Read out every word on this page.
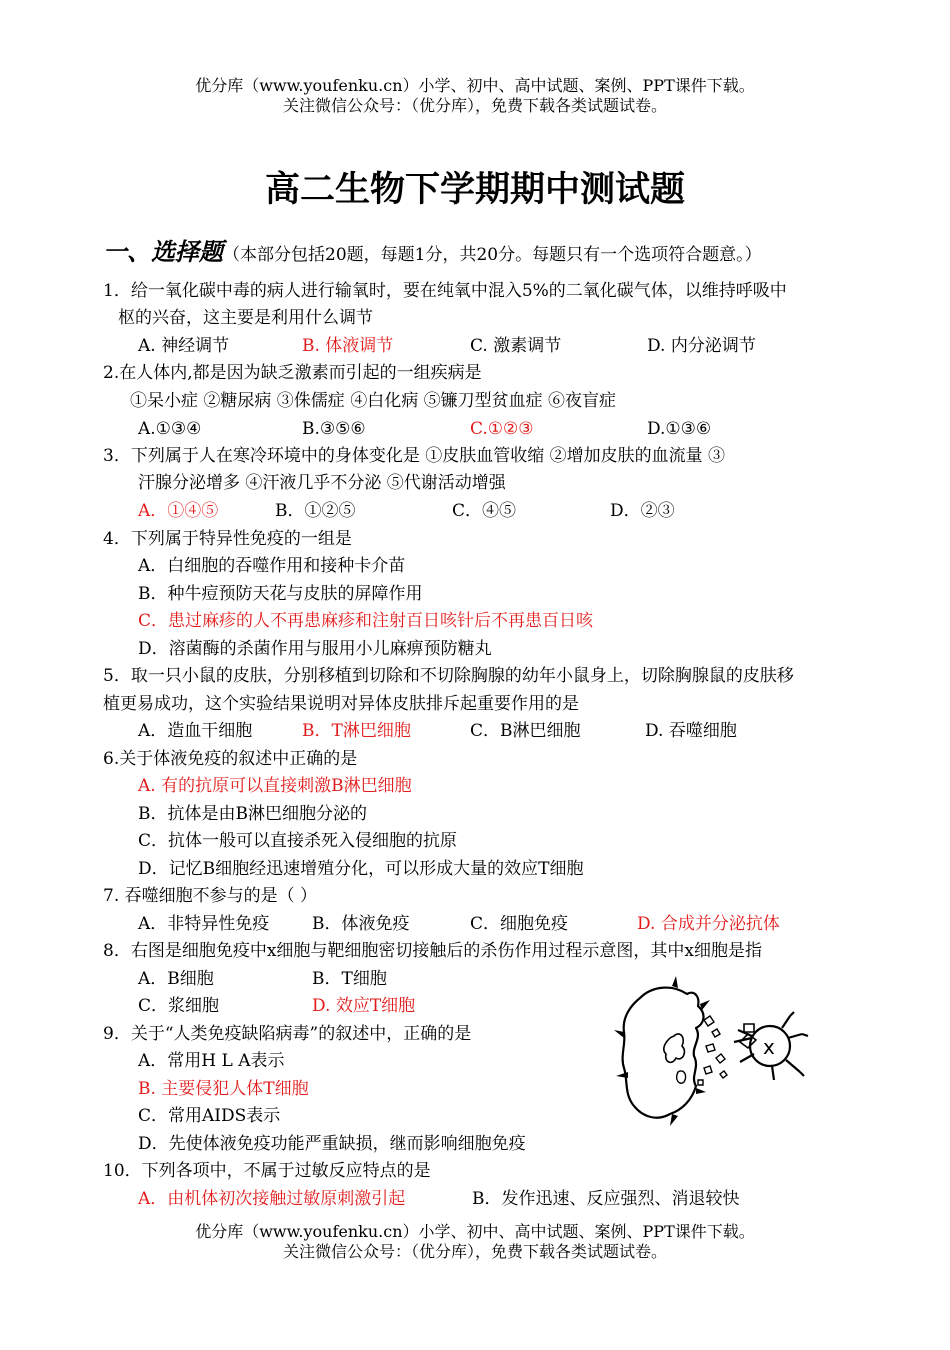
优分库（www.youfenku.cn）小学、初中、高中试题、案例、PPT课件下载。
关注微信公众号：（优分库），免费下载各类试题试卷。
高二生物下学期期中测试题
一、选择题（本部分包括20题，每题1分，共20分。每题只有一个选项符合题意。）
1．给一氧化碳中毒的病人进行输氧时，要在纯氧中混入5%的二氧化碳气体，以维持呼吸中
枢的兴奋，这主要是利用什么调节
A. 神经调节	B. 体液调节	C. 激素调节	D. 内分泌调节
2.在人体内,都是因为缺乏激素而引起的一组疾病是
①呆小症 ②糖尿病 ③侏儒症 ④白化病 ⑤镰刀型贫血症 ⑥夜盲症
A.①③④	B.③⑤⑥	C.①②③	D.①③⑥
3．下列属于人在寒冷环境中的身体变化是 ①皮肤血管收缩 ②增加皮肤的血流量 ③
汗腺分泌增多 ④汗液几乎不分泌 ⑤代谢活动增强
A．①④⑤	B．①②⑤	C．④⑤	D．②③
4．下列属于特异性免疫的一组是
A．白细胞的吞噬作用和接种卡介苗
B．种牛痘预防天花与皮肤的屏障作用
C．患过麻疹的人不再患麻疹和注射百日咳针后不再患百日咳
D．溶菌酶的杀菌作用与服用小儿麻痹预防糖丸
5．取一只小鼠的皮肤，分别移植到切除和不切除胸腺的幼年小鼠身上，切除胸腺鼠的皮肤移
植更易成功，这个实验结果说明对异体皮肤排斥起重要作用的是
A．造血干细胞	B．T淋巴细胞	C．B淋巴细胞	D. 吞噬细胞
6.关于体液免疫的叙述中正确的是
A. 有的抗原可以直接刺激B淋巴细胞
B．抗体是由B淋巴细胞分泌的
C．抗体一般可以直接杀死入侵细胞的抗原
D．记忆B细胞经迅速增殖分化，可以形成大量的效应T细胞
7. 吞噬细胞不参与的是（ ）
A．非特异性免疫	B．体液免疫	C．细胞免疫	D. 合成并分泌抗体
8．右图是细胞免疫中x细胞与靶细胞密切接触后的杀伤作用过程示意图，其中x细胞是指
A．B细胞	B．T细胞
C．浆细胞	D. 效应T细胞
x
9．关于“人类免疫缺陷病毒”的叙述中，正确的是
A．常用H L A表示
B. 主要侵犯人体T细胞
C．常用AIDS表示
D．先使体液免疫功能严重缺损，继而影响细胞免疫
10．下列各项中，不属于过敏反应特点的是
A．由机体初次接触过敏原刺激引起	B．发作迅速、反应强烈、消退较快
优分库（www.youfenku.cn）小学、初中、高中试题、案例、PPT课件下载。
关注微信公众号：（优分库），免费下载各类试题试卷。
